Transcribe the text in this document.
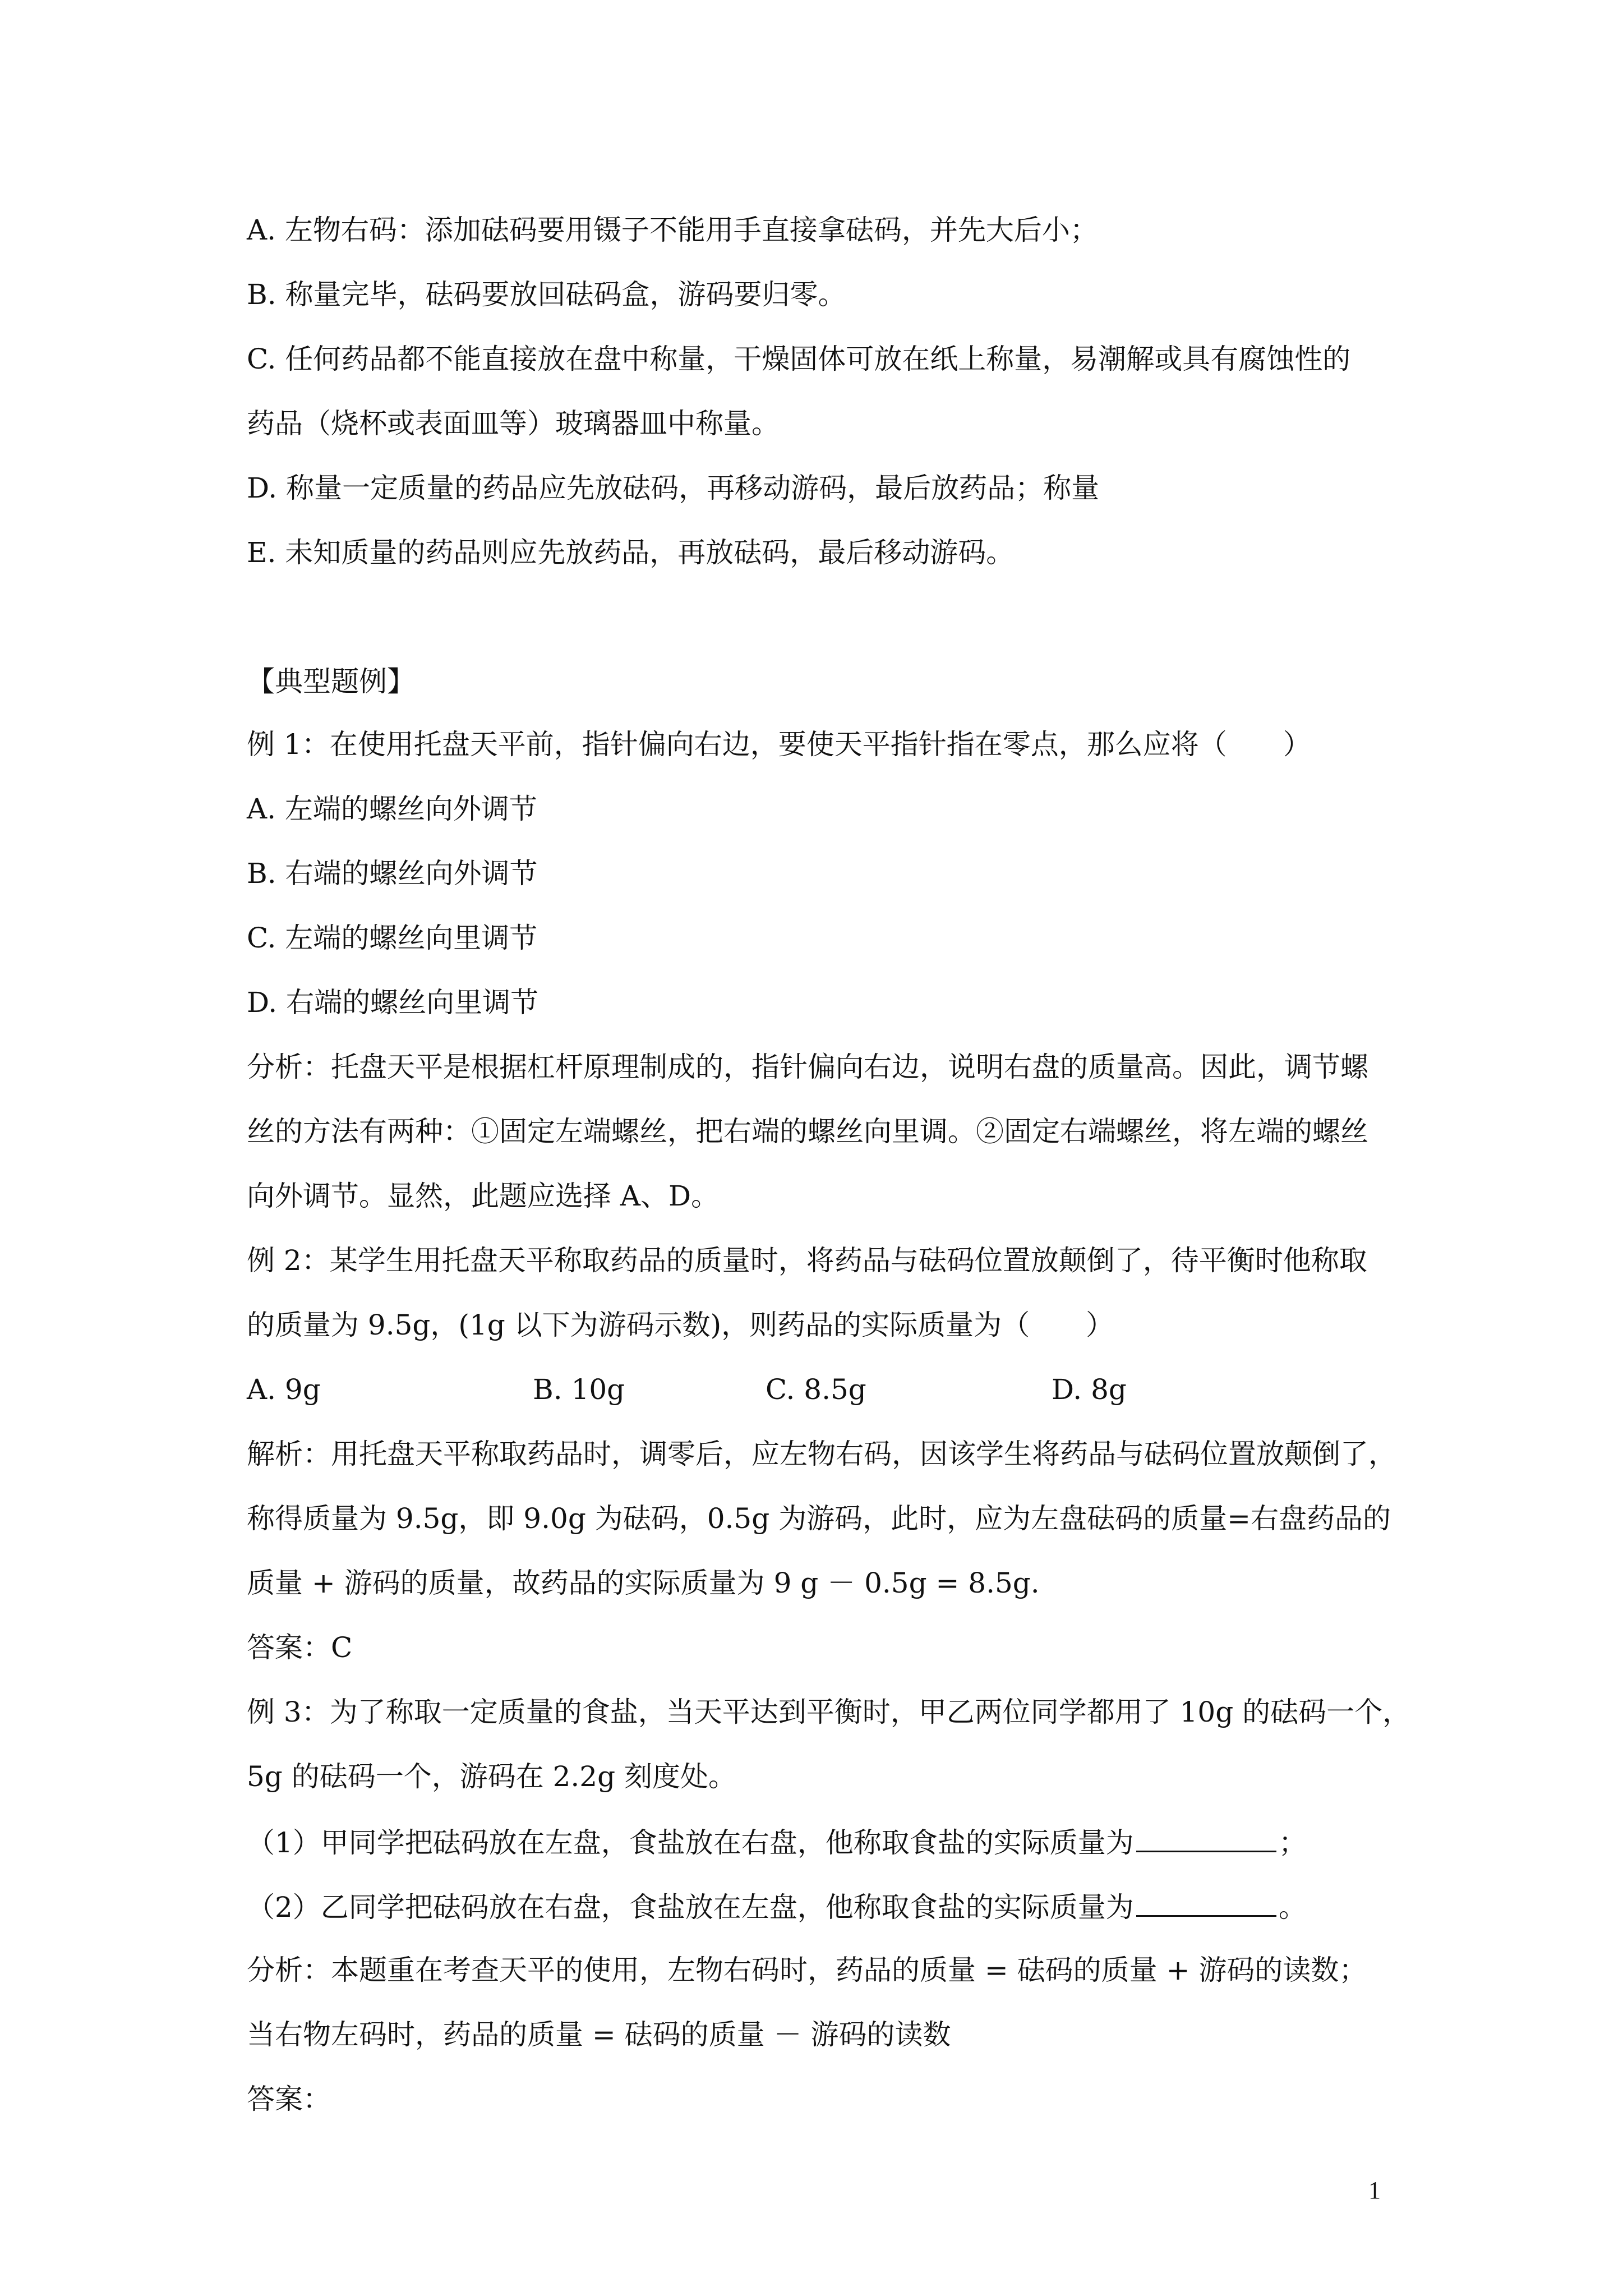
A. 左物右码：添加砝码要用镊子不能用手直接拿砝码，并先大后小；
B. 称量完毕，砝码要放回砝码盒，游码要归零。
C. 任何药品都不能直接放在盘中称量，干燥固体可放在纸上称量，易潮解或具有腐蚀性的
药品（烧杯或表面皿等）玻璃器皿中称量。
D. 称量一定质量的药品应先放砝码，再移动游码，最后放药品；称量
E. 未知质量的药品则应先放药品，再放砝码，最后移动游码。
【典型题例】
例 1：在使用托盘天平前，指针偏向右边，要使天平指针指在零点，那么应将（　　）
A. 左端的螺丝向外调节
B. 右端的螺丝向外调节
C. 左端的螺丝向里调节
D. 右端的螺丝向里调节
分析：托盘天平是根据杠杆原理制成的，指针偏向右边，说明右盘的质量高。因此，调节螺
丝的方法有两种：①固定左端螺丝，把右端的螺丝向里调。②固定右端螺丝，将左端的螺丝
向外调节。显然，此题应选择 A、D。
例 2：某学生用托盘天平称取药品的质量时，将药品与砝码位置放颠倒了，待平衡时他称取
的质量为 9.5g，(1g 以下为游码示数)，则药品的实际质量为（　　）
A. 9g	B. 10g	C. 8.5g	D. 8g
解析：用托盘天平称取药品时，调零后，应左物右码，因该学生将药品与砝码位置放颠倒了，
称得质量为 9.5g，即 9.0g 为砝码，0.5g 为游码，此时，应为左盘砝码的质量=右盘药品的
质量 + 游码的质量，故药品的实际质量为 9 g － 0.5g = 8.5g.
答案：C
例 3：为了称取一定质量的食盐，当天平达到平衡时，甲乙两位同学都用了 10g 的砝码一个，
5g 的砝码一个，游码在 2.2g 刻度处。
（1）甲同学把砝码放在左盘，食盐放在右盘，他称取食盐的实际质量为	；
（2）乙同学把砝码放在右盘，食盐放在左盘，他称取食盐的实际质量为	。
分析：本题重在考查天平的使用，左物右码时，药品的质量 = 砝码的质量 + 游码的读数；
当右物左码时，药品的质量 = 砝码的质量 － 游码的读数
答案：
1
